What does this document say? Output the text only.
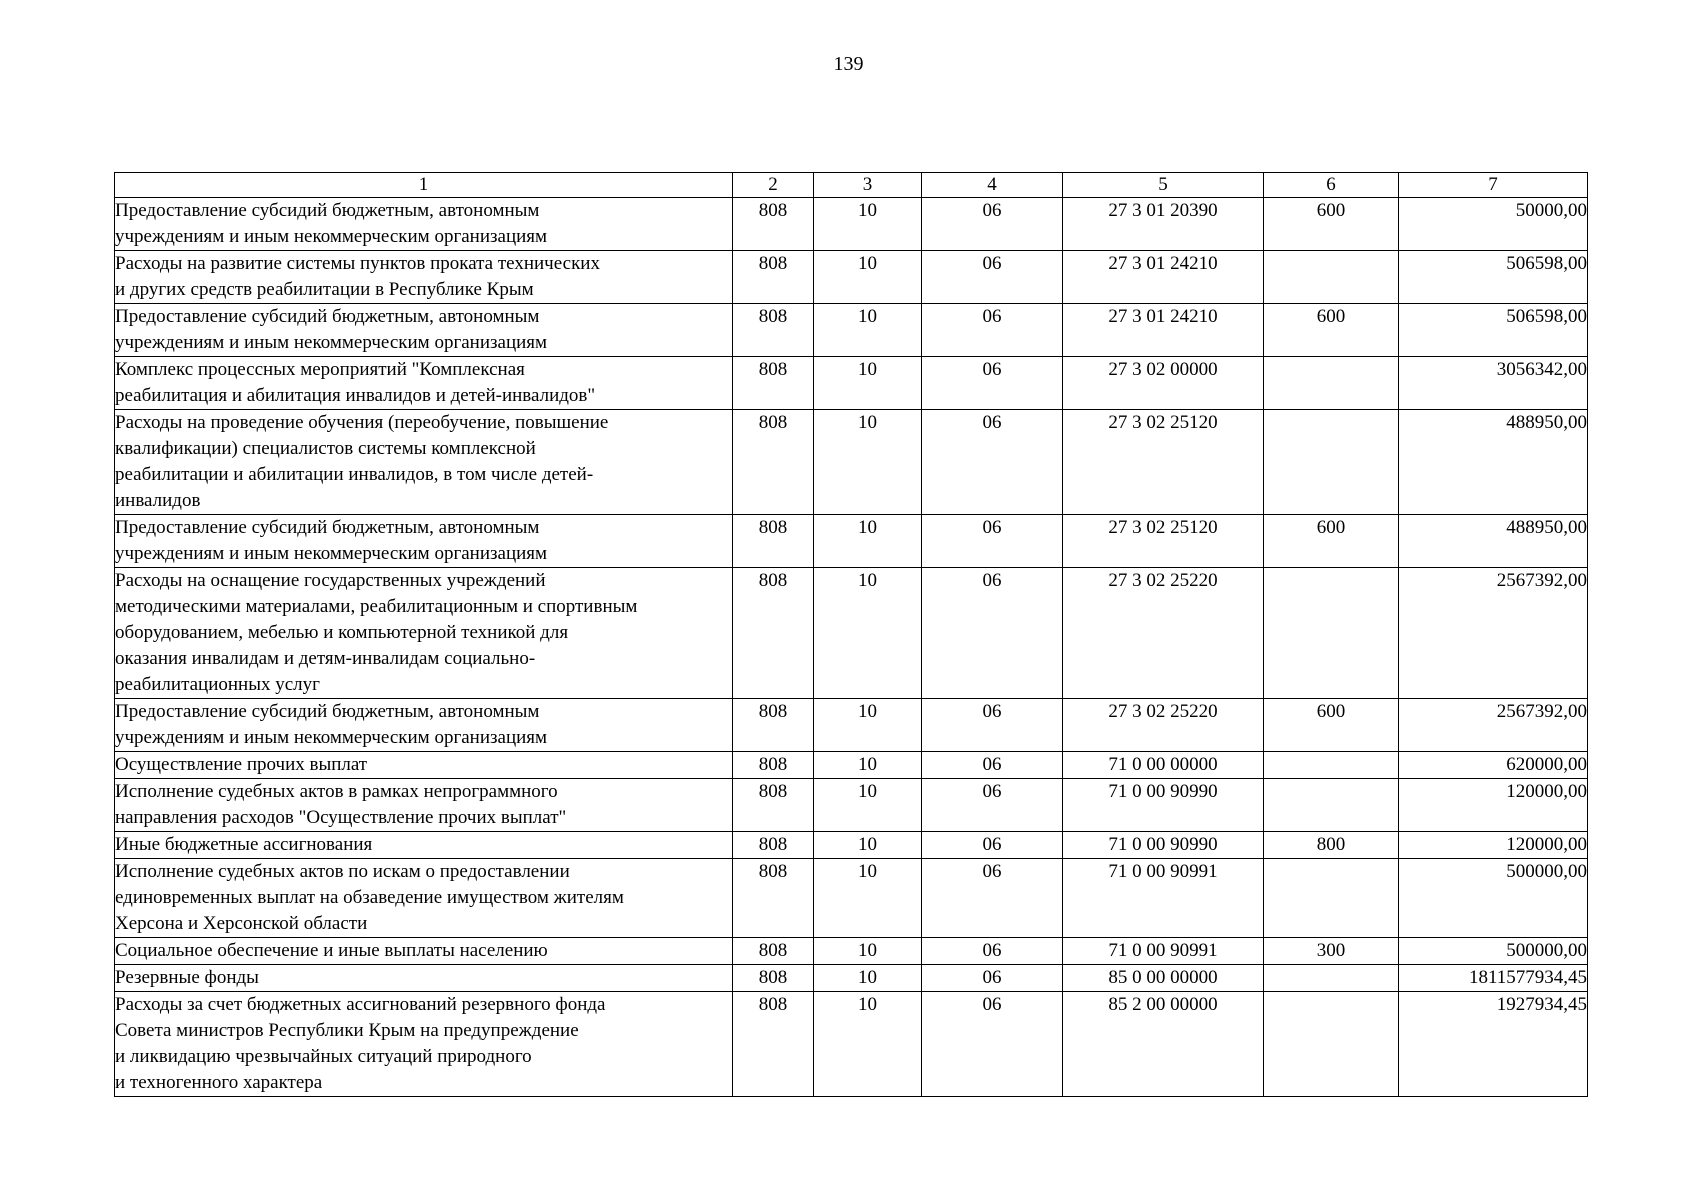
139
1	2	3	4	5	6	7

Предоставление субсидий бюджетным, автономным
учреждениям и иным некоммерческим организациям	808	10	06	27 3 01 20390	600	50000,00

Расходы на развитие системы пунктов проката технических
и других средств реабилитации в Республике Крым	808	10	06	27 3 01 24210		506598,00

Предоставление субсидий бюджетным, автономным
учреждениям и иным некоммерческим организациям	808	10	06	27 3 01 24210	600	506598,00

Комплекс процессных мероприятий "Комплексная
реабилитация и абилитация инвалидов и детей-инвалидов"	808	10	06	27 3 02 00000		3056342,00

Расходы на проведение обучения (переобучение, повышение
квалификации) специалистов системы комплексной
реабилитации и абилитации инвалидов, в том числе детей-
инвалидов	808	10	06	27 3 02 25120		488950,00

Предоставление субсидий бюджетным, автономным
учреждениям и иным некоммерческим организациям	808	10	06	27 3 02 25120	600	488950,00

Расходы на оснащение государственных учреждений
методическими материалами, реабилитационным и спортивным
оборудованием, мебелью и компьютерной техникой для
оказания инвалидам и детям-инвалидам социально-
реабилитационных услуг	808	10	06	27 3 02 25220		2567392,00

Предоставление субсидий бюджетным, автономным
учреждениям и иным некоммерческим организациям	808	10	06	27 3 02 25220	600	2567392,00

Осуществление прочих выплат	808	10	06	71 0 00 00000		620000,00

Исполнение судебных актов в рамках непрограммного
направления расходов "Осуществление прочих выплат"	808	10	06	71 0 00 90990		120000,00

Иные бюджетные ассигнования	808	10	06	71 0 00 90990	800	120000,00

Исполнение судебных актов по искам о предоставлении
единовременных выплат на обзаведение имуществом жителям
Херсона и Херсонской области	808	10	06	71 0 00 90991		500000,00

Социальное обеспечение и иные выплаты населению	808	10	06	71 0 00 90991	300	500000,00

Резервные фонды	808	10	06	85 0 00 00000		1811577934,45

Расходы за счет бюджетных ассигнований резервного фонда
Совета министров Республики Крым на предупреждение
и ликвидацию чрезвычайных ситуаций природного
и техногенного характера	808	10	06	85 2 00 00000		1927934,45
